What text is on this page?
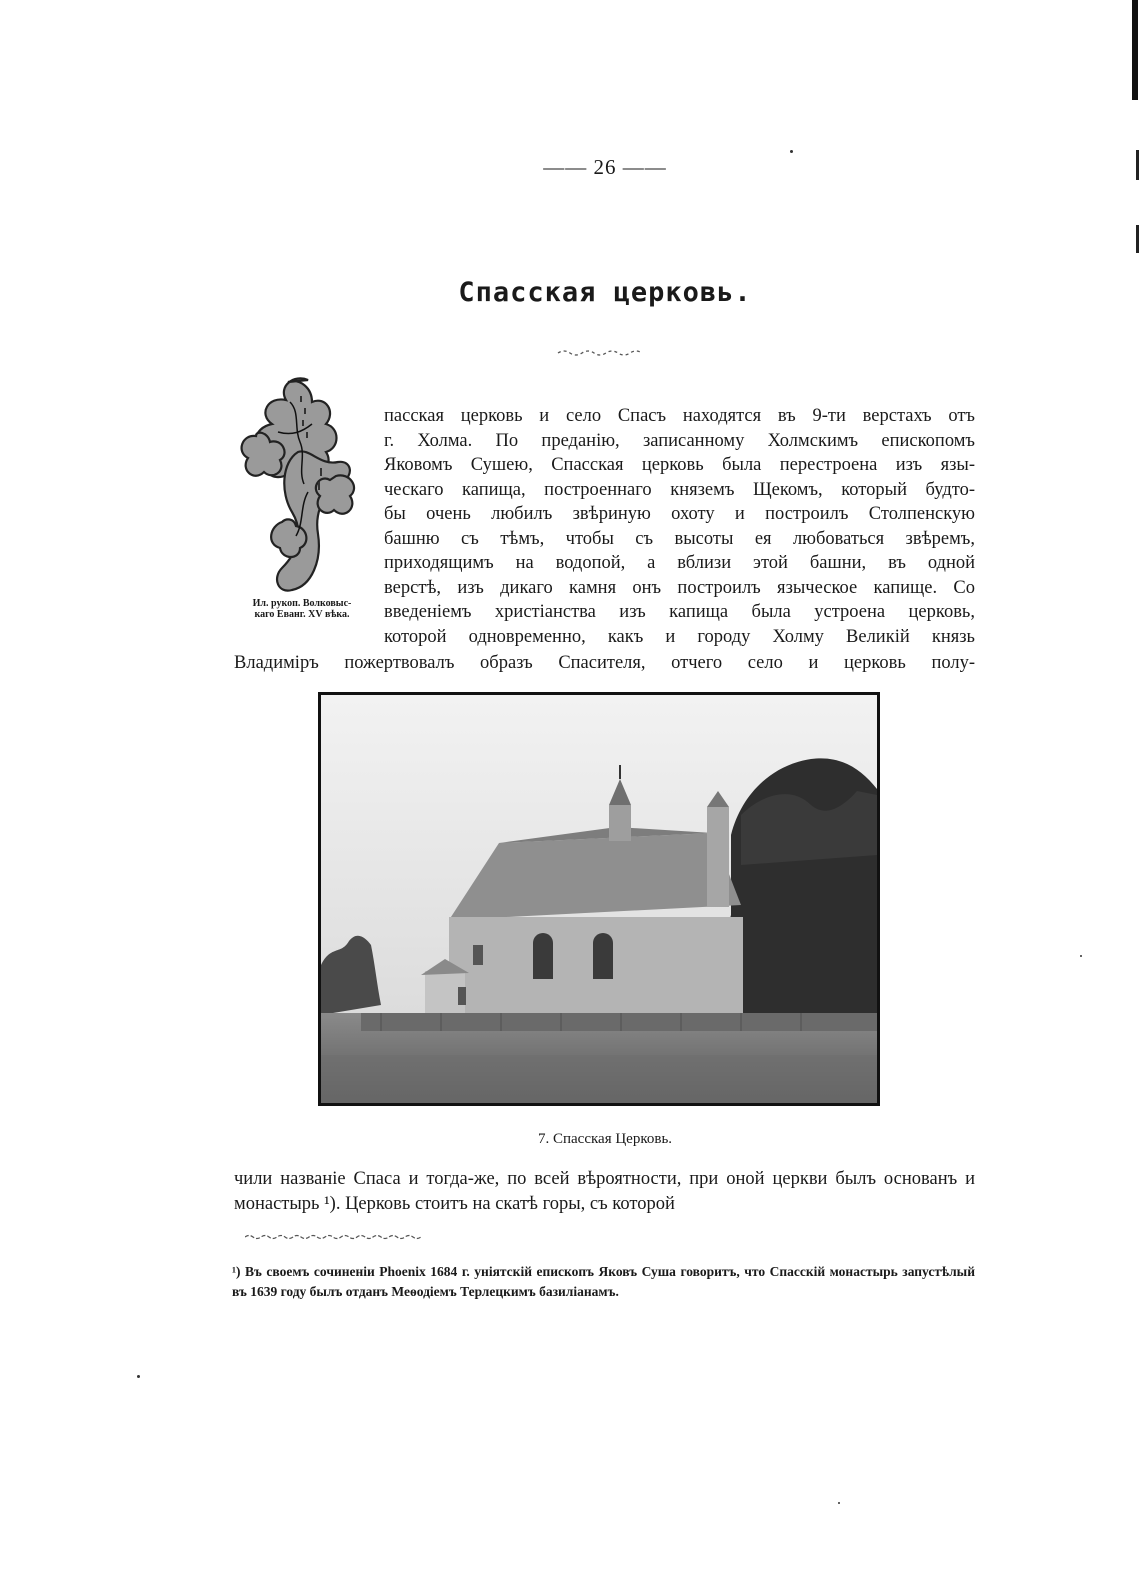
—— 26 ——
Спасская церковь.
Ил. рукоп. Волковыс-
каго Еванг. XV вѣка.
пасская церковь и село Спасъ находятся въ 9-ти верстахъ отъ
г. Холма. По преданію, записанному Холмскимъ епископомъ
Яковомъ Сушею, Спасская церковь была перестроена изъ язы-
ческаго капища, построеннаго княземъ Щекомъ, который будто-
бы очень любилъ звѣриную охоту и построилъ Столпенскую
башню съ тѣмъ, чтобы съ высоты ея любоваться звѣремъ,
приходящимъ на водопой, а вблизи этой башни, въ одной
верстѣ, изъ дикаго камня онъ построилъ языческое капище. Со
введеніемъ христіанства изъ капища была устроена церковь,
которой одновременно, какъ и городу Холму Великій князь
Владиміръ пожертвовалъ образъ Спасителя, отчего село и церковь полу-
7. Спасская Церковь.
чили названіе Спаса и тогда-же, по всей вѣроятности, при оной церкви былъ основанъ и монастырь ¹). Церковь стоитъ на скатѣ горы, съ которой
¹) Въ своемъ сочиненіи Phoenix 1684 г. уніятскій епископъ Яковъ Суша говоритъ, что Спасскій монастырь запустѣлый въ 1639 году былъ отданъ Меѳодіемъ Терлецкимъ базиліанамъ.
